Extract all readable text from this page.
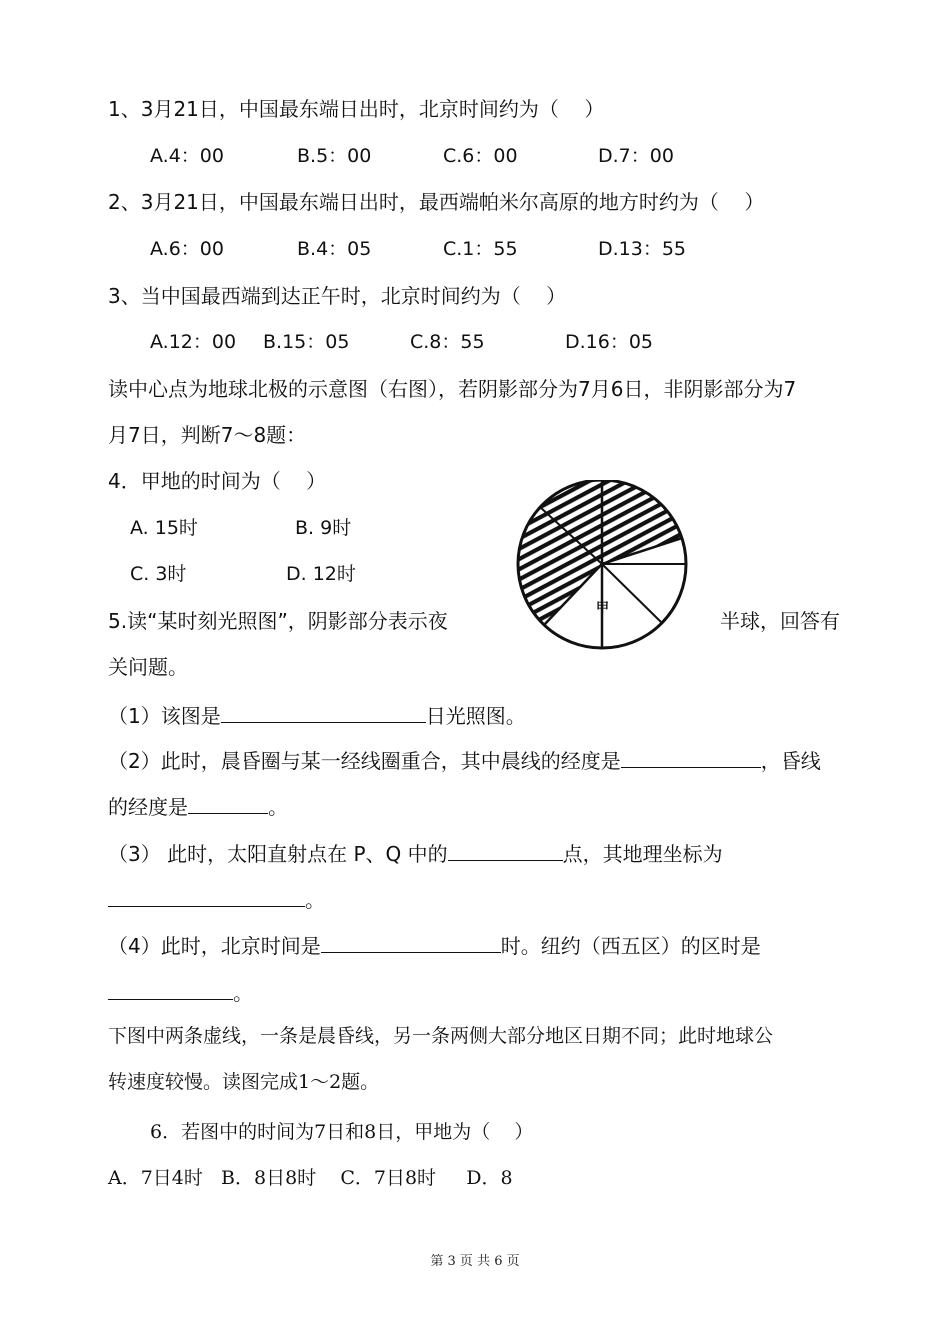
1、3月21日，中国最东端日出时，北京时间约为（    ）
A.4：00	B.5：00	C.6：00	D.7：00
2、3月21日，中国最东端日出时，最西端帕米尔高原的地方时约为（    ）
A.6：00	B.4：05	C.1：55	D.13：55
3、当中国最西端到达正午时，北京时间约为（    ）
A.12：00 B.15：05	C.8：55	D.16：05
读中心点为地球北极的示意图（右图），若阴影部分为7月6日，非阴影部分为7
月7日，判断7～8题：
4．甲地的时间为（    ）
A. 15时	B. 9时
C. 3时	D. 12时
甲
5.读“某时刻光照图”，阴影部分表示夜	半球，回答有
关问题。
（1）该图是	日光照图。
（2）此时，晨昏圈与某一经线圈重合，其中晨线的经度是	，昏线
的经度是	。
（3） 此时，太阳直射点在 P、Q 中的	点，其地理坐标为
。
（4）此时，北京时间是	时。纽约（西五区）的区时是
。
下图中两条虚线，一条是晨昏线，另一条两侧大部分地区日期不同；此时地球公
转速度较慢。读图完成1～2题。
6．若图中的时间为7日和8日，甲地为（    ）
A．7日4时   B．8日8时    C．7日8时     D．8
第 3 页 共 6 页
